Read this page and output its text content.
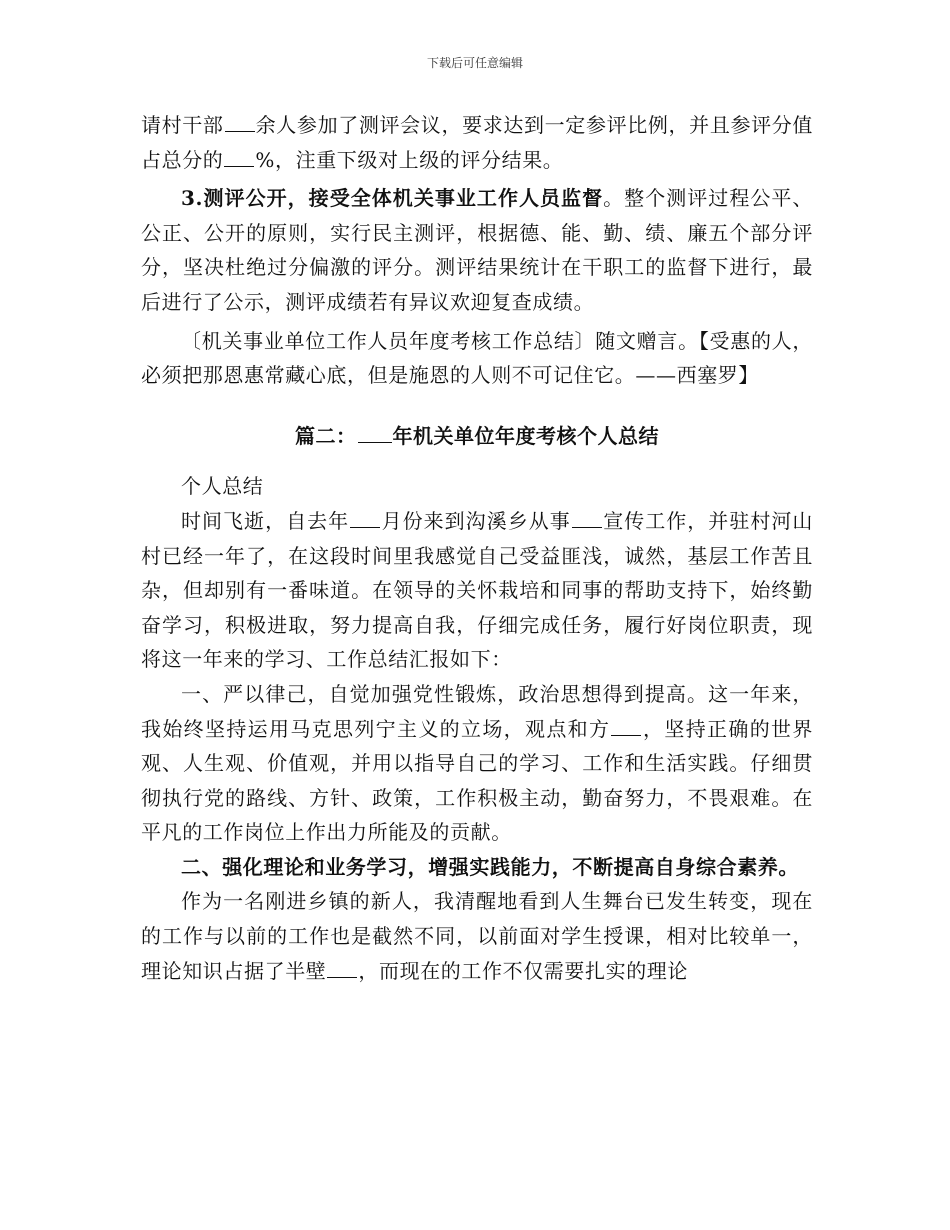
下载后可任意编辑

请村干部 余人参加了测评会议，要求达到一定参评比例，并且参评分值占总分的 %，注重下级对上级的评分结果。

3.测评公开，接受全体机关事业工作人员监督。整个测评过程公平、公正、公开的原则，实行民主测评，根据德、能、勤、绩、廉五个部分评分，坚决杜绝过分偏激的评分。测评结果统计在干职工的监督下进行，最后进行了公示，测评成绩若有异议欢迎复查成绩。

〔机关事业单位工作人员年度考核工作总结〕随文赠言。【受惠的人，必须把那恩惠常藏心底，但是施恩的人则不可记住它。——西塞罗】

篇二： 年机关单位年度考核个人总结

个人总结

时间飞逝，自去年 月份来到沟溪乡从事 宣传工作，并驻村河山村已经一年了，在这段时间里我感觉自己受益匪浅，诚然，基层工作苦且杂，但却别有一番味道。在领导的关怀栽培和同事的帮助支持下，始终勤奋学习，积极进取，努力提高自我，仔细完成任务，履行好岗位职责，现将这一年来的学习、工作总结汇报如下：

一、严以律己，自觉加强党性锻炼，政治思想得到提高。这一年来，我始终坚持运用马克思列宁主义的立场，观点和方 ，坚持正确的世界观、人生观、价值观，并用以指导自己的学习、工作和生活实践。仔细贯彻执行党的路线、方针、政策，工作积极主动，勤奋努力，不畏艰难。在平凡的工作岗位上作出力所能及的贡献。

二、强化理论和业务学习，增强实践能力，不断提高自身综合素养。

作为一名刚进乡镇的新人，我清醒地看到人生舞台已发生转变，现在的工作与以前的工作也是截然不同，以前面对学生授课，相对比较单一，理论知识占据了半壁 ，而现在的工作不仅需要扎实的理论
